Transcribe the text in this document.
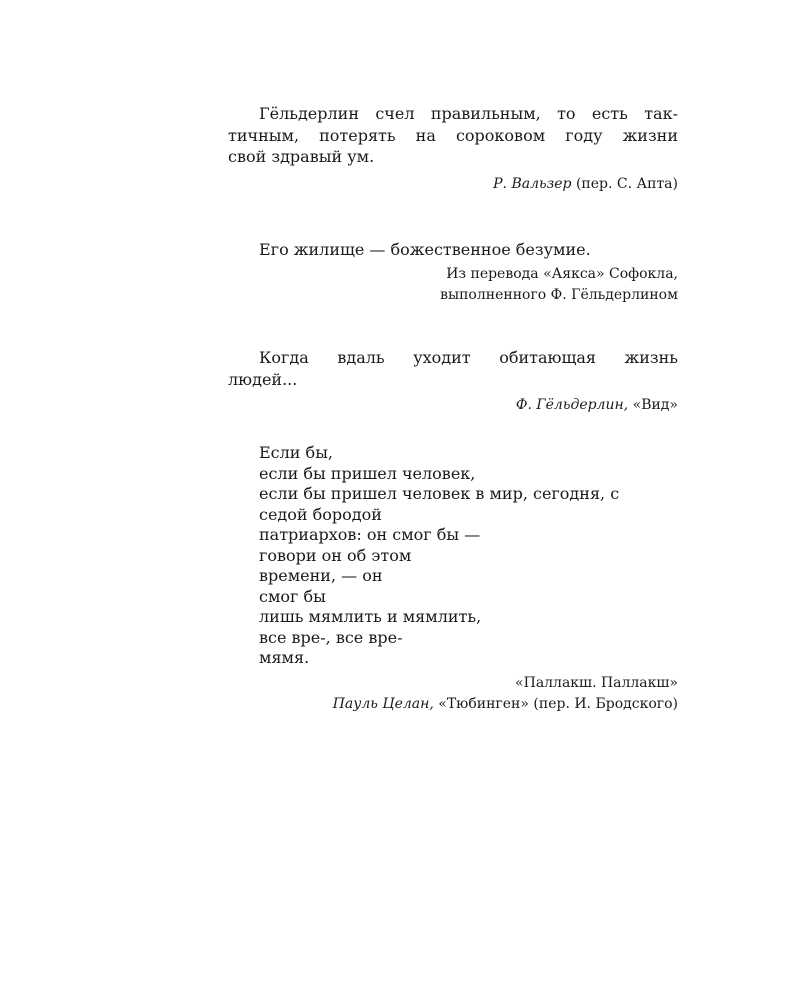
Гёльдерлин счел правильным, то есть так-
тичным, потерять на сороковом году жизни
свой здравый ум.

Р. Вальзер (пер. С. Апта)

Его жилище — божественное безумие.

Из перевода «Аякса» Софокла,
выполненного Ф. Гёльдерлином

Когда вдаль уходит обитающая жизнь
людей...

Ф. Гёльдерлин, «Вид»

Если бы,
если бы пришел человек,
если бы пришел человек в мир, сегодня, с
седой бородой
патриархов: он смог бы —
говори он об этом
времени, — он
смог бы
лишь мямлить и мямлить,
все вре-, все вре-
мямя.

«Паллакш. Паллакш»

Пауль Целан, «Тюбинген» (пер. И. Бродского)
